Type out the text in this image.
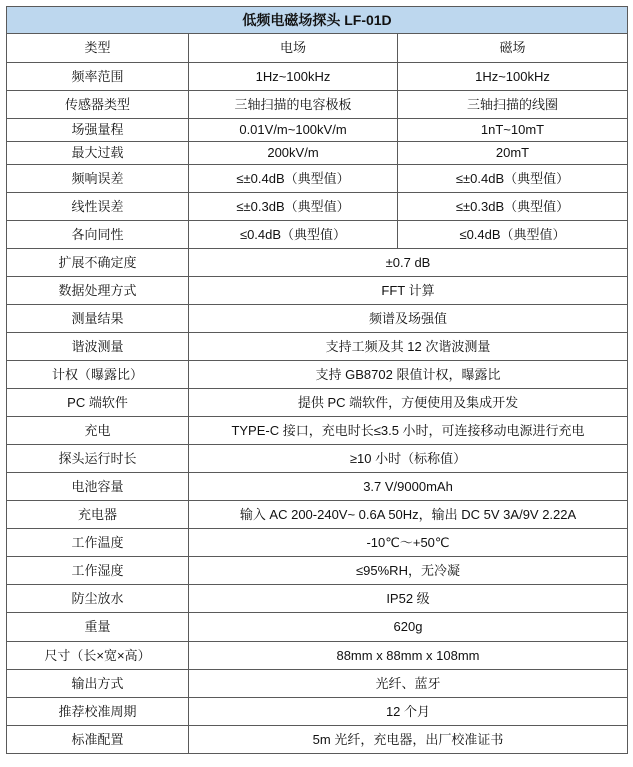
低频电磁场探头 LF-01D		
类型	电场	磁场
频率范围	1Hz~100kHz	1Hz~100kHz
传感器类型	三轴扫描的电容极板	三轴扫描的线圈
场强量程	0.01V/m~100kV/m	1nT~10mT
最大过载	200kV/m	20mT
频响误差	≤±0.4dB（典型值）	≤±0.4dB（典型值）
线性误差	≤±0.3dB（典型值）	≤±0.3dB（典型值）
各向同性	≤0.4dB（典型值）	≤0.4dB（典型值）
扩展不确定度	±0.7 dB	
数据处理方式	FFT 计算	
测量结果	频谱及场强值	
谐波测量	支持工频及其 12 次谐波测量	
计权（曝露比）	支持 GB8702 限值计权，曝露比	
PC 端软件	提供 PC 端软件，方便使用及集成开发	
充电	TYPE-C 接口，充电时长≤3.5 小时，可连接移动电源进行充电	
探头运行时长	≥10 小时（标称值）	
电池容量	3.7 V/9000mAh	
充电器	输入 AC 200-240V~ 0.6A 50Hz，输出 DC 5V 3A/9V 2.22A	
工作温度	-10℃～+50℃	
工作湿度	≤95%RH，无冷凝	
防尘放水	IP52 级	
重量	620g	
尺寸（长×宽×高）	88mm x 88mm x 108mm	
输出方式	光纤、蓝牙	
推荐校准周期	12 个月	
标准配置	5m 光纤，充电器，出厂校准证书	
